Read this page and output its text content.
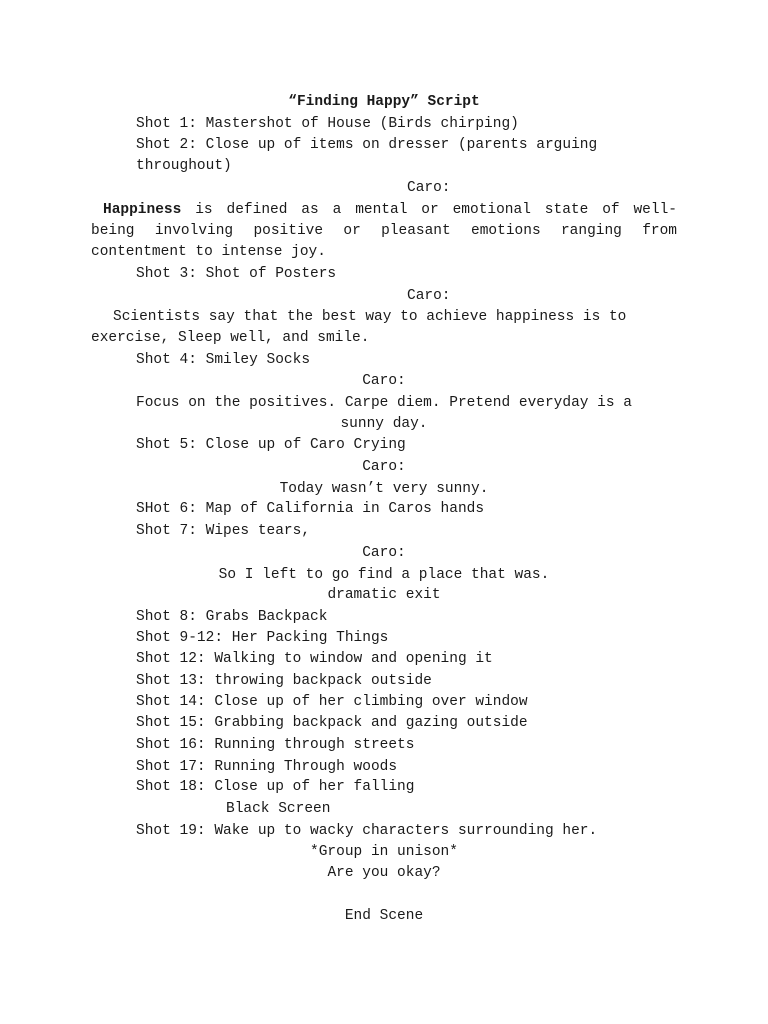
“Finding Happy” Script
Shot 1: Mastershot of House (Birds chirping)
Shot 2: Close up of items on dresser (parents arguing
throughout)
Caro:
Happiness is defined as a mental or emotional state of well-
being involving positive or pleasant emotions ranging from
contentment to intense joy.
Shot 3: Shot of Posters
Caro:
Scientists say that the best way to achieve happiness is to
exercise, Sleep well, and smile.
Shot 4: Smiley Socks
Caro:
Focus on the positives. Carpe diem. Pretend everyday is a
sunny day.
Shot 5: Close up of Caro Crying
Caro:
Today wasn’t very sunny.
SHot 6: Map of California in Caros hands
Shot 7: Wipes tears,
Caro:
So I left to go find a place that was.
dramatic exit
Shot 8: Grabs Backpack
Shot 9-12: Her Packing Things
Shot 12: Walking to window and opening it
Shot 13: throwing backpack outside
Shot 14: Close up of her climbing over window
Shot 15: Grabbing backpack and gazing outside
Shot 16: Running through streets
Shot 17: Running Through woods
Shot 18: Close up of her falling
Black Screen
Shot 19: Wake up to wacky characters surrounding her.
*Group in unison*
Are you okay?
End Scene
